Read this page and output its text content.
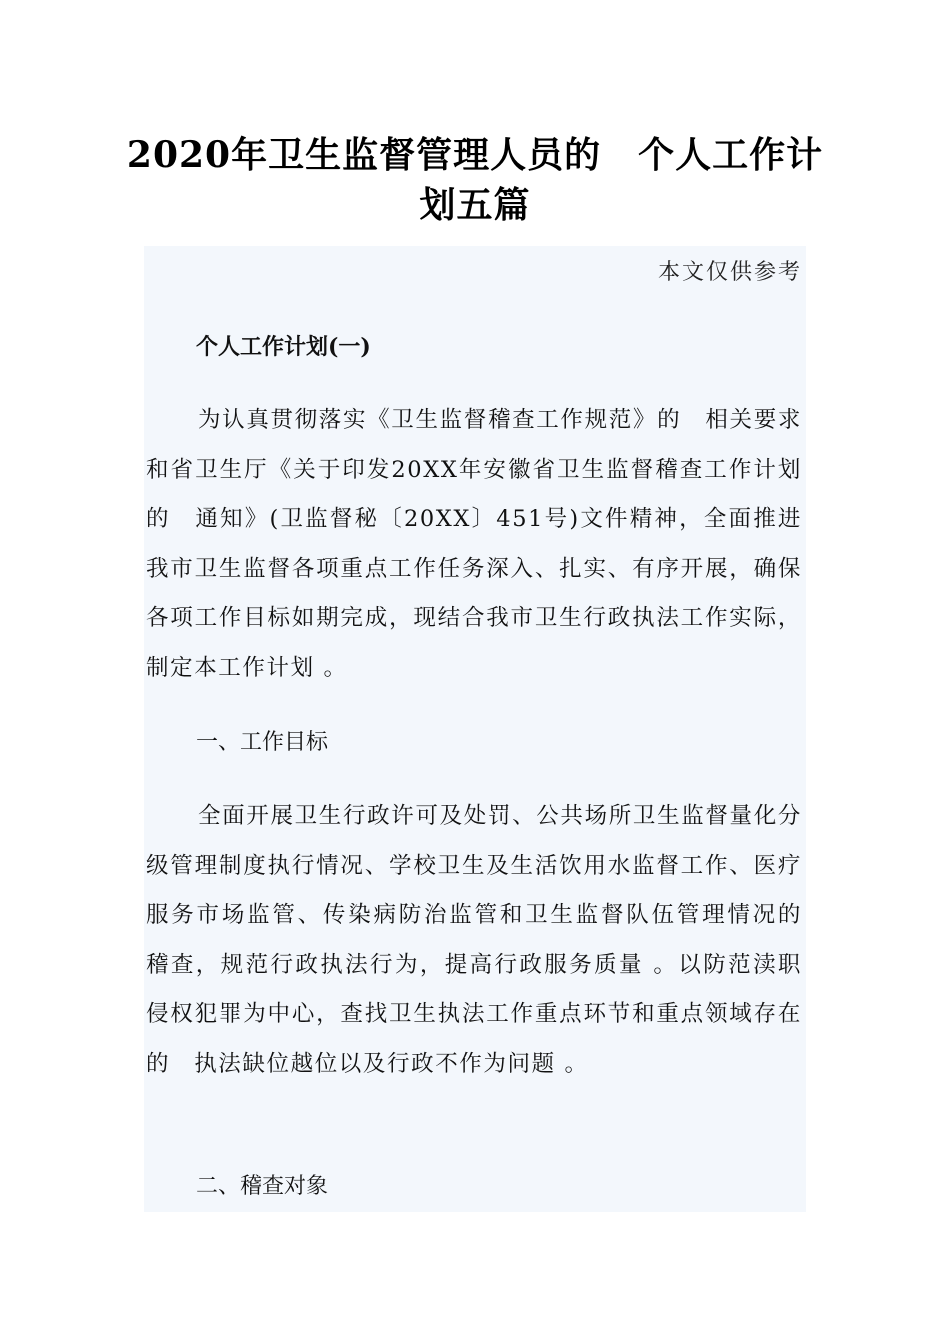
2020年卫生监督管理人员的　个人工作计划五篇
本文仅供参考
个人工作计划(一)

为认真贯彻落实《卫生监督稽查工作规范》的　相关要求和省卫生厅《关于印发20XX年安徽省卫生监督稽查工作计划的　通知》(卫监督秘〔20XX〕451号)文件精神，全面推进我市卫生监督各项重点工作任务深入、扎实、有序开展，确保各项工作目标如期完成，现结合我市卫生行政执法工作实际，制定本工作计划 。

一、工作目标

全面开展卫生行政许可及处罚、公共场所卫生监督量化分级管理制度执行情况、学校卫生及生活饮用水监督工作、医疗服务市场监管、传染病防治监管和卫生监督队伍管理情况的　稽查，规范行政执法行为，提高行政服务质量 。以防范渎职侵权犯罪为中心，查找卫生执法工作重点环节和重点领域存在的　执法缺位越位以及行政不作为问题 。

二、稽查对象
